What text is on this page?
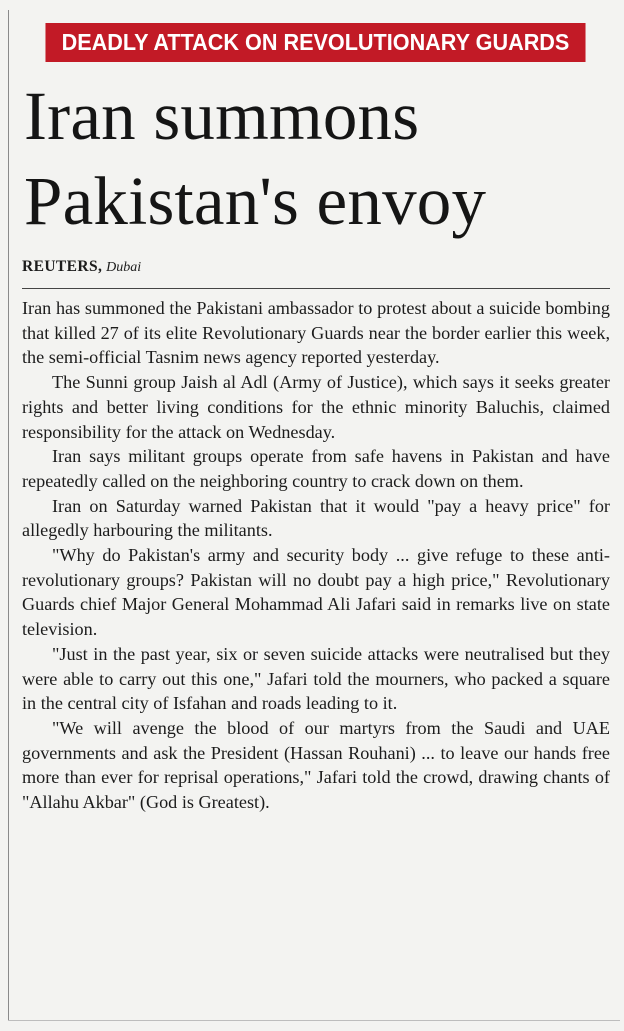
DEADLY ATTACK ON REVOLUTIONARY GUARDS
Iran summons
Pakistan's envoy
REUTERS, Dubai

Iran has summoned the Pakistani ambassador to protest about a suicide bombing that killed 27 of its elite Revolutionary Guards near the border earlier this week, the semi-official Tasnim news agency reported yesterday.

The Sunni group Jaish al Adl (Army of Justice), which says it seeks greater rights and better living conditions for the ethnic minority Baluchis, claimed responsibility for the attack on Wednesday.

Iran says militant groups operate from safe havens in Pakistan and have repeatedly called on the neighboring country to crack down on them.

Iran on Saturday warned Pakistan that it would "pay a heavy price" for allegedly harbouring the militants.

"Why do Pakistan's army and security body ... give refuge to these anti-revolutionary groups? Pakistan will no doubt pay a high price," Revolutionary Guards chief Major General Mohammad Ali Jafari said in remarks live on state television.

"Just in the past year, six or seven suicide attacks were neutralised but they were able to carry out this one," Jafari told the mourners, who packed a square in the central city of Isfahan and roads leading to it.

"We will avenge the blood of our martyrs from the Saudi and UAE governments and ask the President (Hassan Rouhani) ... to leave our hands free more than ever for reprisal operations," Jafari told the crowd, drawing chants of "Allahu Akbar" (God is Greatest).
